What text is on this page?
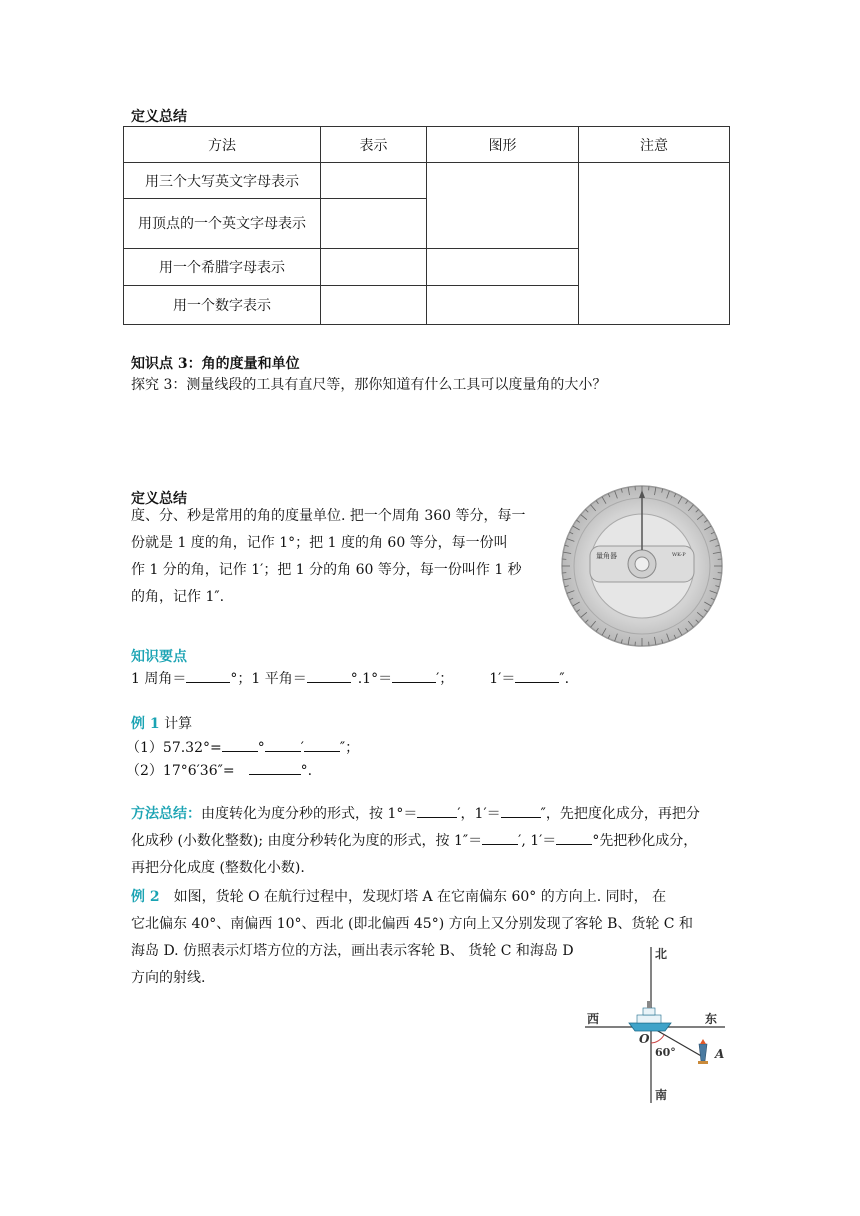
定义总结
方法	表示	图形	注意
用三个大写英文字母表示			
用顶点的一个英文字母表示			
用一个希腊字母表示			
用一个数字表示			
知识点 3：角的度量和单位
探究 3：测量线段的工具有直尺等，那你知道有什么工具可以度量角的大小？
定义总结
度、分、秒是常用的角的度量单位. 把一个周角 360 等分，每一
份就是 1 度的角，记作 1°；把 1 度的角 60 等分，每一份叫
作 1 分的角，记作 1′；把 1 分的角 60 等分，每一份叫作 1 秒
的角，记作 1″.
量角器	WK-P
知识要点
1 周角＝	°；1 平角＝	°.1°＝	′；	1′＝	″.
例 1 计算
（1）57.32°=	°	′	″；
（2）17°6′36″=	°.
方法总结：由度转化为度分秒的形式，按 1°＝	′，1′＝	″，先把度化成分，再把分
化成秒 (小数化整数); 由度分秒转化为度的形式，按 1″＝	′, 1′＝	°先把秒化成分，
再把分化成度 (整数化小数).
例 2 如图，货轮 O 在航行过程中，发现灯塔 A 在它南偏东 60° 的方向上. 同时， 在
它北偏东 40°、南偏西 10°、西北 (即北偏西 45°) 方向上又分别发现了客轮 B、货轮 C 和
海岛 D. 仿照表示灯塔方位的方法，画出表示客轮 B、 货轮 C 和海岛 D
方向的射线.
北
南
西	东
O
60°	A
